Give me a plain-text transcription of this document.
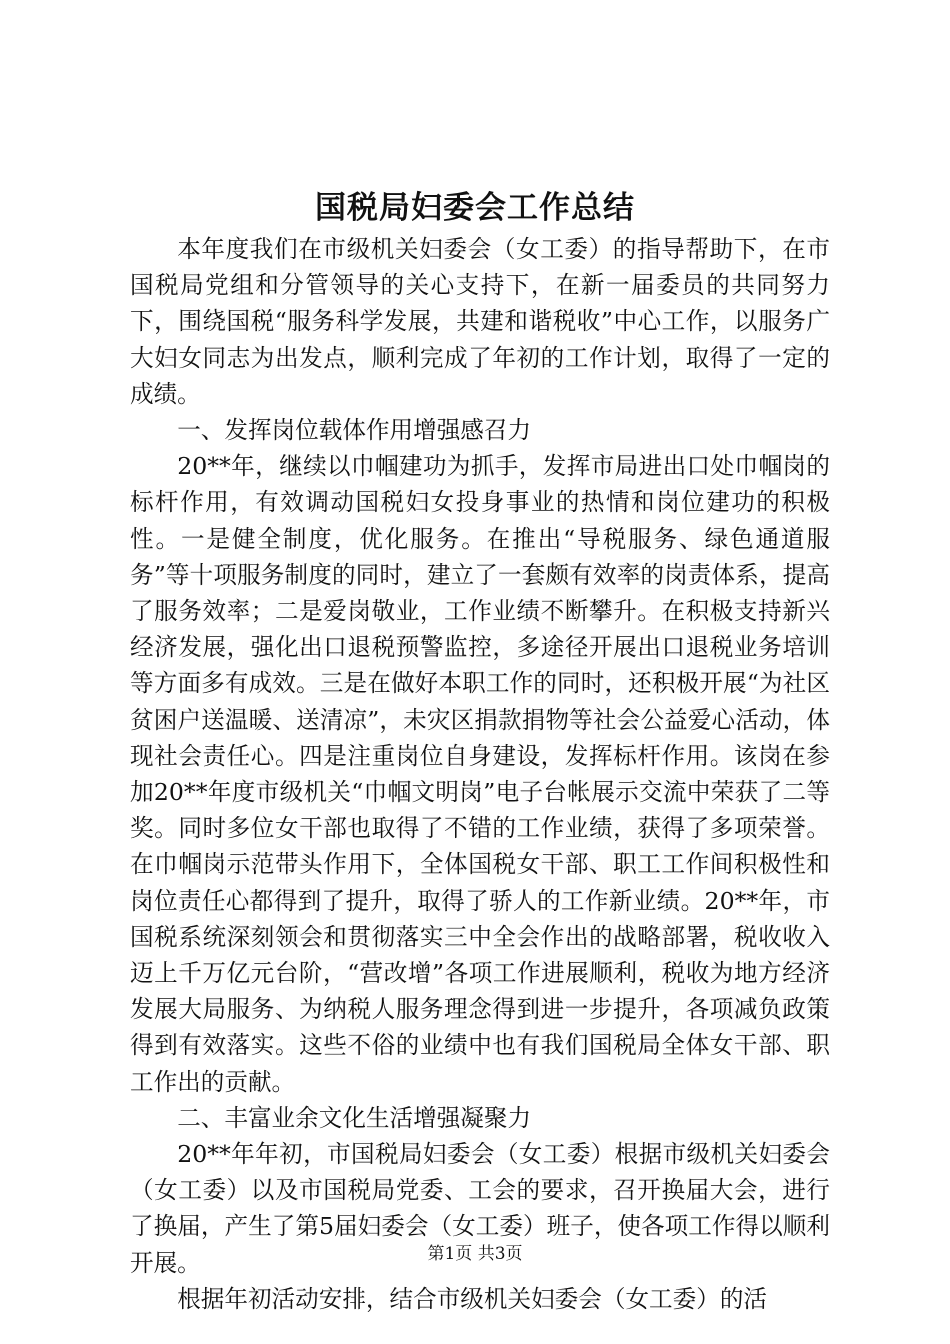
国税局妇委会工作总结

本年度我们在市级机关妇委会（女工委）的指导帮助下，在市国税局党组和分管领导的关心支持下，在新一届委员的共同努力下，围绕国税“服务科学发展，共建和谐税收”中心工作，以服务广大妇女同志为出发点，顺利完成了年初的工作计划，取得了一定的成绩。

一、发挥岗位载体作用增强感召力

20**年，继续以巾帼建功为抓手，发挥市局进出口处巾帼岗的标杆作用，有效调动国税妇女投身事业的热情和岗位建功的积极性。一是健全制度，优化服务。在推出“导税服务、绿色通道服务”等十项服务制度的同时，建立了一套颇有效率的岗责体系，提高了服务效率；二是爱岗敬业，工作业绩不断攀升。在积极支持新兴经济发展，强化出口退税预警监控，多途径开展出口退税业务培训等方面多有成效。三是在做好本职工作的同时，还积极开展“为社区贫困户送温暖、送清凉”，未灾区捐款捐物等社会公益爱心活动，体现社会责任心。四是注重岗位自身建设，发挥标杆作用。该岗在参加20**年度市级机关“巾帼文明岗”电子台帐展示交流中荣获了二等奖。同时多位女干部也取得了不错的工作业绩，获得了多项荣誉。在巾帼岗示范带头作用下，全体国税女干部、职工工作间积极性和岗位责任心都得到了提升，取得了骄人的工作新业绩。20**年，市国税系统深刻领会和贯彻落实三中全会作出的战略部署，税收收入迈上千万亿元台阶，“营改增”各项工作进展顺利，税收为地方经济发展大局服务、为纳税人服务理念得到进一步提升，各项减负政策得到有效落实。这些不俗的业绩中也有我们国税局全体女干部、职工作出的贡献。

二、丰富业余文化生活增强凝聚力

20**年年初，市国税局妇委会（女工委）根据市级机关妇委会（女工委）以及市国税局党委、工会的要求，召开换届大会，进行了换届，产生了第5届妇委会（女工委）班子，使各项工作得以顺利开展。

根据年初活动安排，结合市级机关妇委会（女工委）的活

第1页 共3页
